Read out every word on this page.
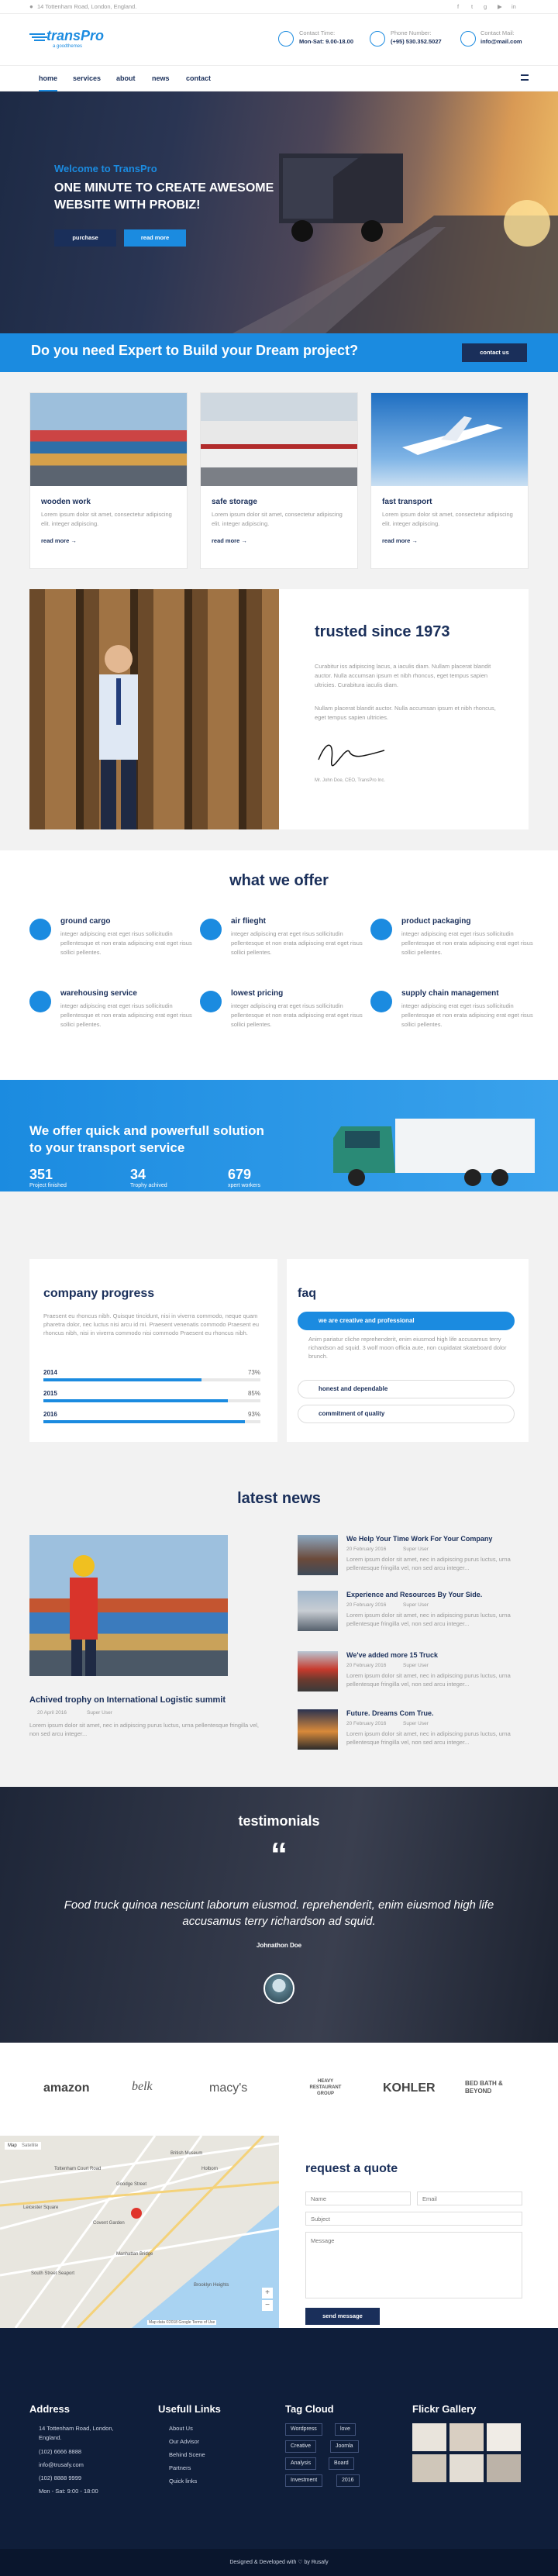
● 14 Tottenham Road, London, England.	f t g ▶ in
transPro
a goodthemes
Contact Time:
Mon-Sat: 9.00-18.00
Phone Number:
(+95) 530.352.5027
Contact Mail:
info@mail.com
home services about news contact
Welcome to TransPro
ONE MINUTE TO CREATE AWESOME
WEBSITE WITH PROBIZ!
purchase	read more
Do you need Expert to Build your Dream project?	contact us
wooden work
Lorem ipsum dolor sit amet, consectetur adipiscing elit. integer adipiscing.
read more →
safe storage
Lorem ipsum dolor sit amet, consectetur adipiscing elit. integer adipiscing.
read more →
fast transport
Lorem ipsum dolor sit amet, consectetur adipiscing elit. integer adipiscing.
read more →
trusted since 1973
Curabitur iss adipiscing lacus, a iaculis diam. Nullam placerat blandit auctor. Nulla accumsan ipsum et nibh rhoncus, eget tempus sapien ultricies. Curabitura iaculis diam.
Nullam placerat blandit auctor. Nulla accumsan ipsum et nibh rhoncus, eget tempus sapien ultricies.
Mr. John Doe, CEO, TransPro Inc.
what we offer
ground cargo
integer adipiscing erat eget risus sollicitudin pellentesque et non erata adipiscing erat eget risus sollici pellentes.
air flieght
integer adipiscing erat eget risus sollicitudin pellentesque et non erata adipiscing erat eget risus sollici pellentes.
product packaging
integer adipiscing erat eget risus sollicitudin pellentesque et non erata adipiscing erat eget risus sollici pellentes.
warehousing service
integer adipiscing erat eget risus sollicitudin pellentesque et non erata adipiscing erat eget risus sollici pellentes.
lowest pricing
integer adipiscing erat eget risus sollicitudin pellentesque et non erata adipiscing erat eget risus sollici pellentes.
supply chain management
integer adipiscing erat eget risus sollicitudin pellentesque et non erata adipiscing erat eget risus sollici pellentes.
We offer quick and powerfull solution
to your transport service
351
Project finished
34
Trophy achived
679
xpert workers
company progress
Praesent eu rhoncus nibh. Quisque tincidunt, nisi in viverra commodo, neque quam pharetra dolor, nec luctus nisi arcu id mi. Praesent venenatis commodo Praesent eu rhoncus nibh, nisi in viverra commodo nisi commodo Praesent eu rhoncus nibh.
2014	73%
2015	85%
2016	93%
faq
we are creative and professional
Anim pariatur cliche reprehenderit, enim eiusmod high life accusamus terry richardson ad squid. 3 wolf moon officia aute, non cupidatat skateboard dolor brunch.
honest and dependable
commitment of quality
latest news
Achived trophy on International Logistic summit
20 April 2016	Super User
Lorem ipsum dolor sit amet, nec in adipiscing purus luctus, urna pellentesque fringilla vel, non sed arcu integer...
We Help Your Time Work For Your Company
20 February 2016	Super User
Lorem ipsum dolor sit amet, nec in adipiscing purus luctus, urna pellentesque fringilla vel, non sed arcu integer...
Experience and Resources By Your Side.
20 February 2016	Super User
Lorem ipsum dolor sit amet, nec in adipiscing purus luctus, urna pellentesque fringilla vel, non sed arcu integer...
We've added more 15 Truck
20 February 2016	Super User
Lorem ipsum dolor sit amet, nec in adipiscing purus luctus, urna pellentesque fringilla vel, non sed arcu integer...
Future. Dreams Com True.
20 February 2016	Super User
Lorem ipsum dolor sit amet, nec in adipiscing purus luctus, urna pellentesque fringilla vel, non sed arcu integer...
testimonials
“
Food truck quinoa nesciunt laborum eiusmod. reprehenderit, enim eiusmod high life
accusamus terry richardson ad squid.
Johnathon Doe
amazon	belk	macy's	HEAVY RESTAURANT GROUP	KOHLER	BED BATH & BEYOND
Map	Satellite
Tottenham Court Road
Goodge Street
Holborn
British Museum
Covent Garden
Leicester Square
South Street Seaport
Manhattan Bridge
Brooklyn Heights
+
−
Map data ©2018 Google Terms of Use
request a quote
Name
Email
Subject
Message
send message
Address
14 Tottenham Road, London,
England.
(102) 6666 8888
info@trusafy.com
(102) 8888 9999
Mon - Sat: 9:00 - 18:00
Usefull Links
About Us
Our Advisor
Behind Scene
Partners
Quick links
Tag Cloud
Wordpress	love
Creative	Joomla
Analysis	Board
Investment	2016
Flickr Gallery
Designed & Developed with ♡ by Rusafy
